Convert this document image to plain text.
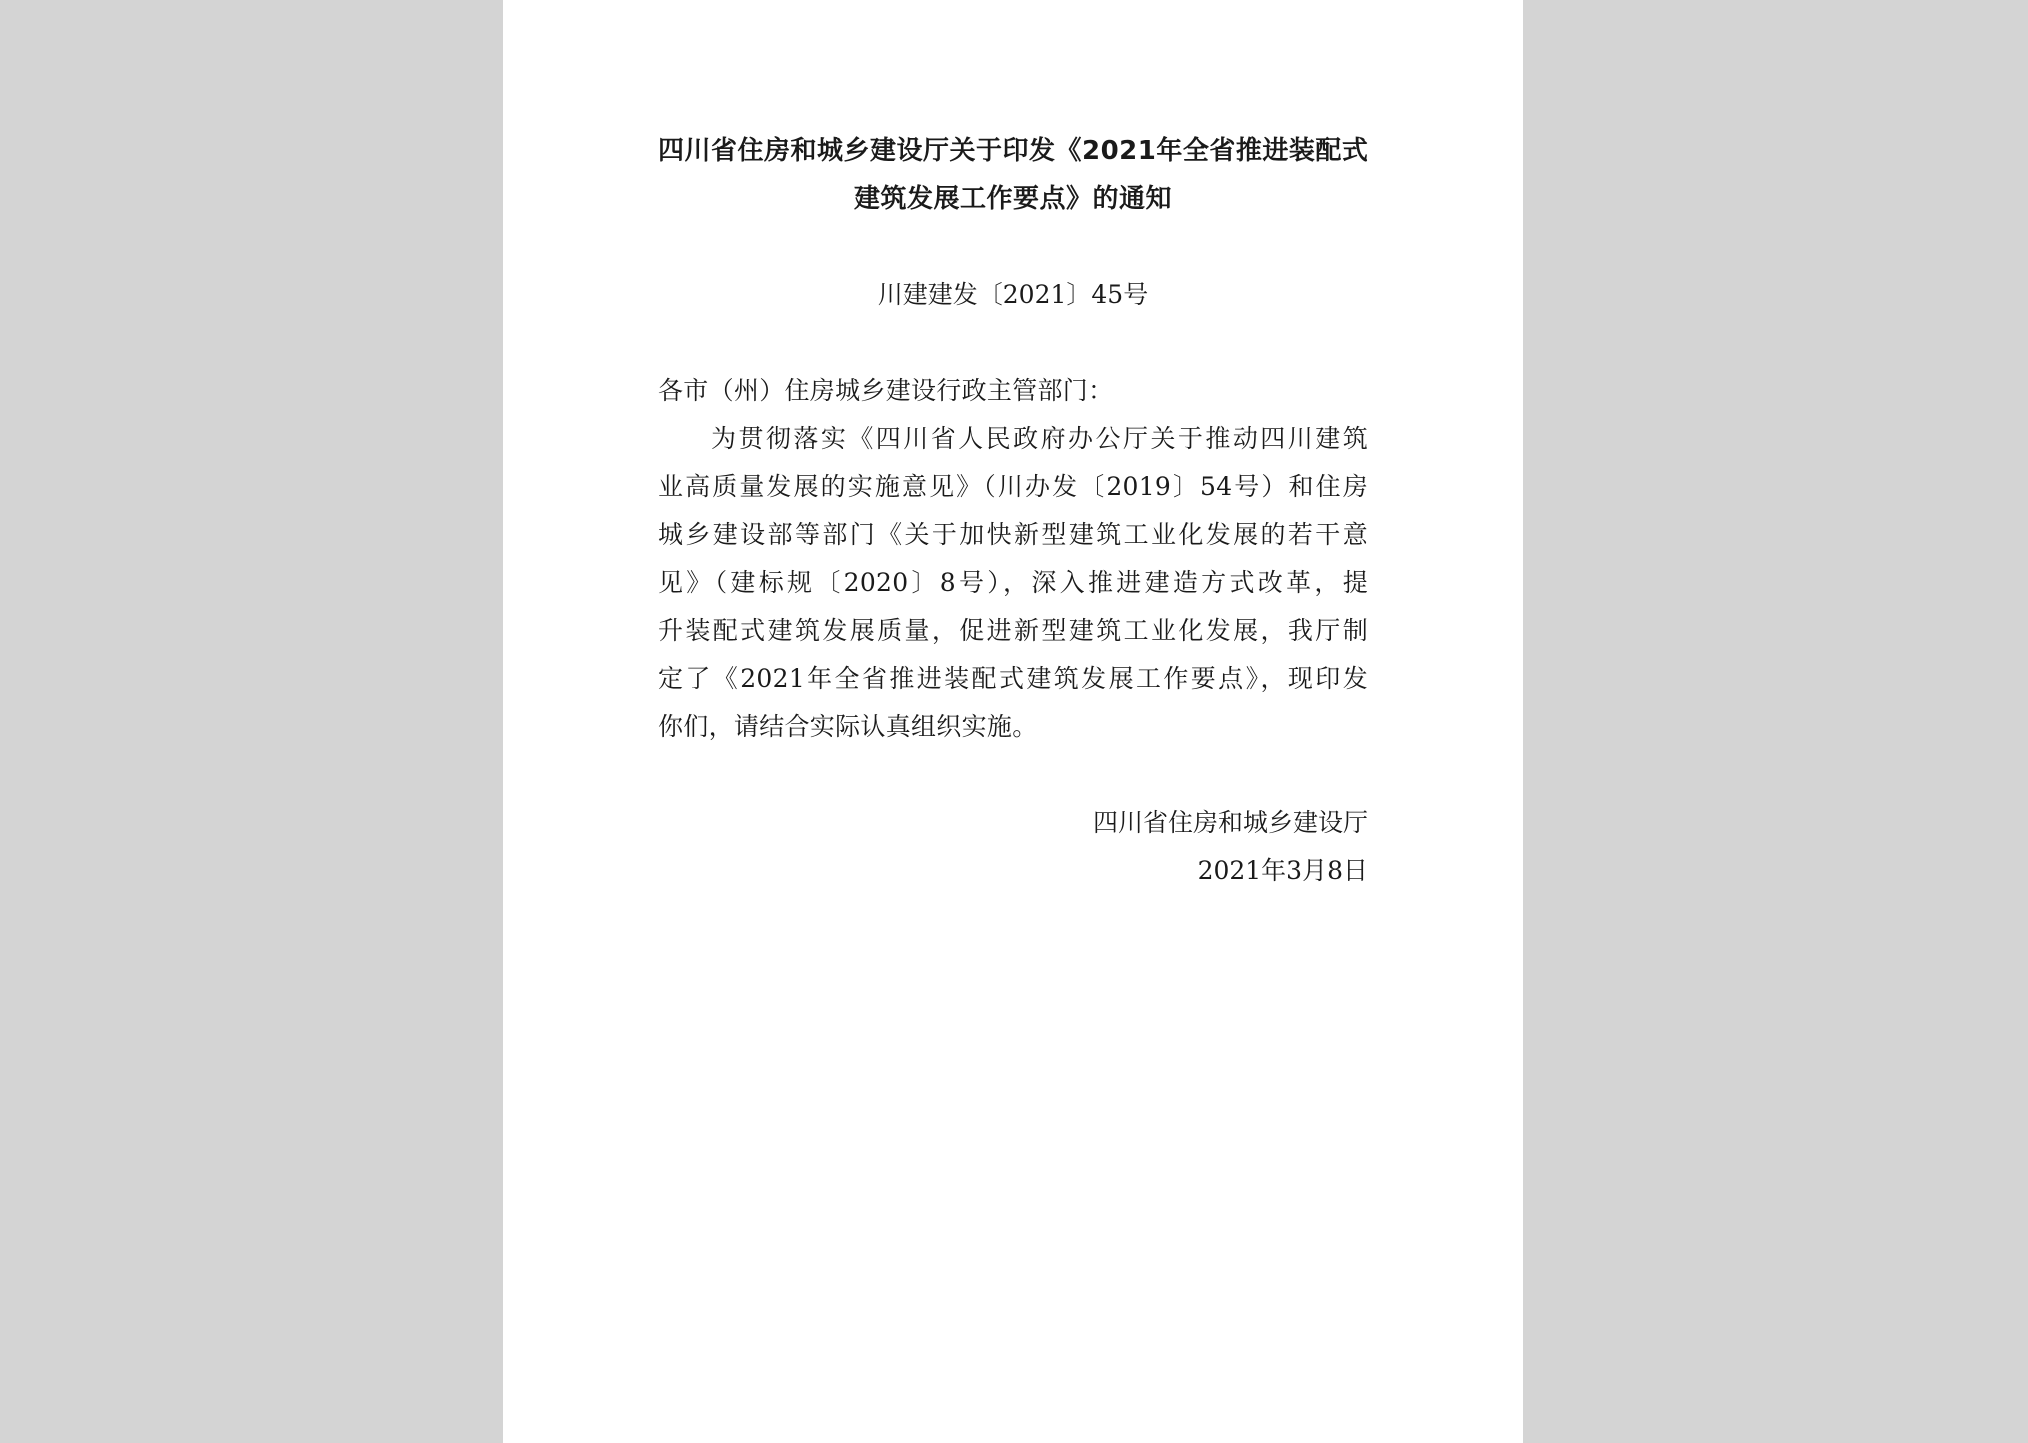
四川省住房和城乡建设厅关于印发《2021年全省推进装配式
建筑发展工作要点》的通知
川建建发〔2021〕45号
各市（州）住房城乡建设行政主管部门：
为贯彻落实《四川省人民政府办公厅关于推动四川建筑
业高质量发展的实施意见》（川办发〔2019〕54号）和住房
城乡建设部等部门《关于加快新型建筑工业化发展的若干意
见》（建标规〔2020〕8号），深入推进建造方式改革，提
升装配式建筑发展质量，促进新型建筑工业化发展，我厅制
定了《2021年全省推进装配式建筑发展工作要点》，现印发
你们，请结合实际认真组织实施。
四川省住房和城乡建设厅
2021年3月8日
